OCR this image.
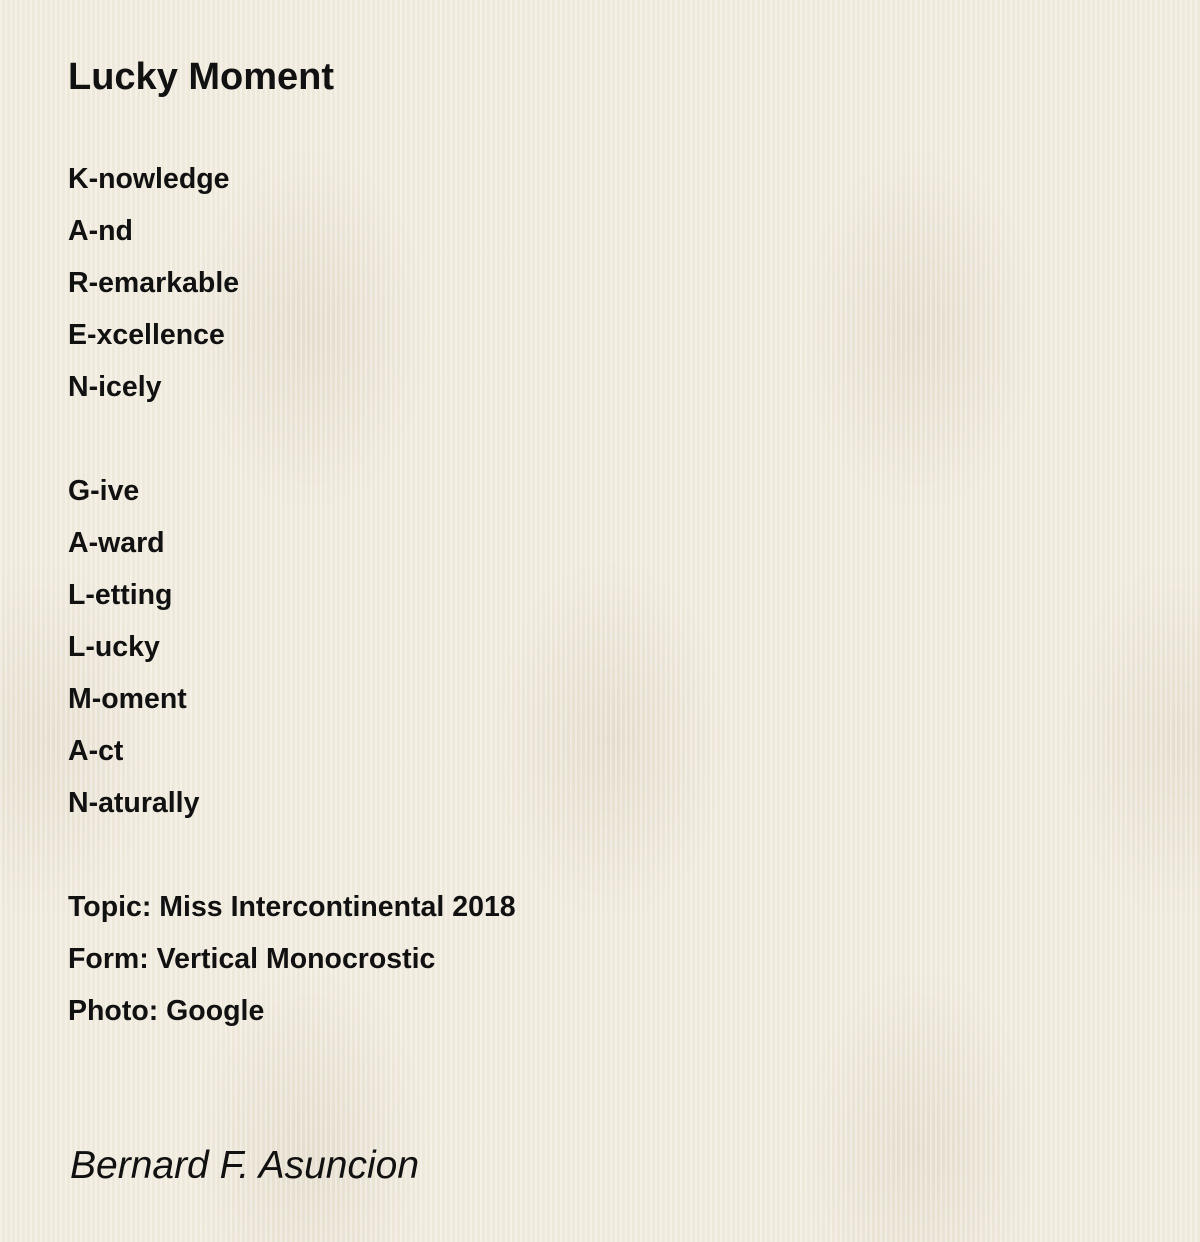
Lucky Moment
K-nowledge
A-nd
R-emarkable
E-xcellence
N-icely
G-ive
A-ward
L-etting
L-ucky
M-oment
A-ct
N-aturally
Topic: Miss Intercontinental 2018
Form: Vertical Monocrostic
Photo: Google
Bernard F. Asuncion
